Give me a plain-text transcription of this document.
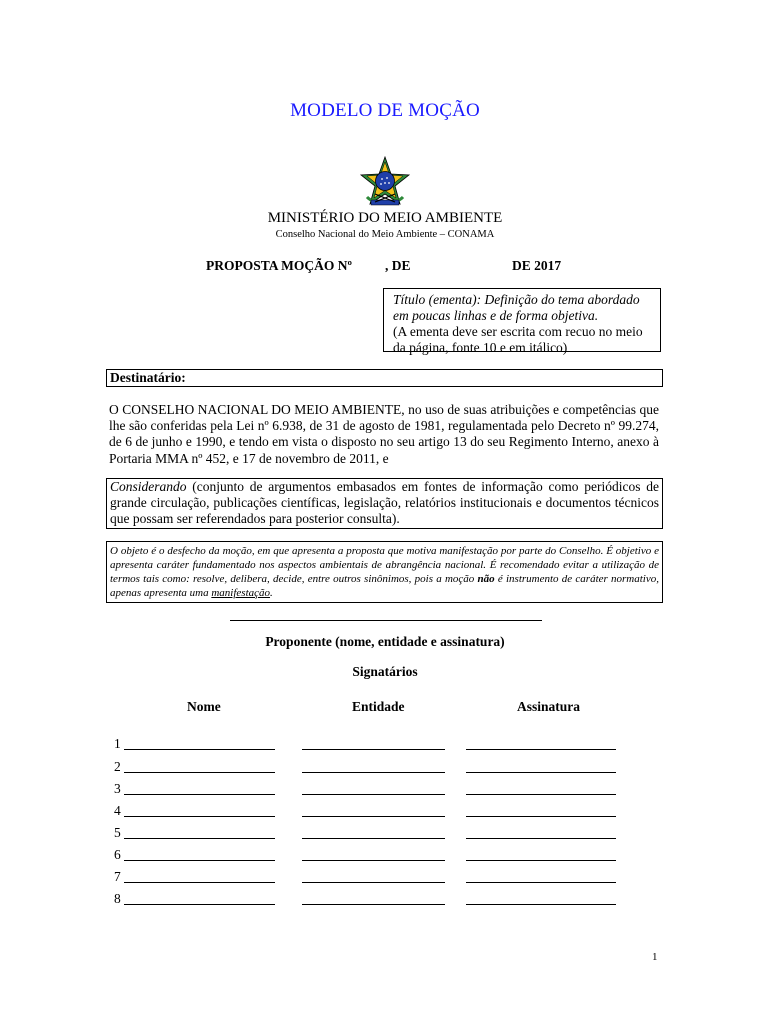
MODELO DE MOÇÃO
MINISTÉRIO DO MEIO AMBIENTE
Conselho Nacional do Meio Ambiente – CONAMA
PROPOSTA MOÇÃO Nº , DE	DE 2017
Título (ementa): Definição do tema abordado em poucas linhas e de forma objetiva.
(A ementa deve ser escrita com recuo no meio da página, fonte 10 e em itálico)
Destinatário:
O CONSELHO NACIONAL DO MEIO AMBIENTE, no uso de suas atribuições e competências que lhe são conferidas pela Lei nº 6.938, de 31 de agosto de 1981, regulamentada pelo Decreto nº 99.274, de 6 de junho e 1990, e tendo em vista o disposto no seu artigo 13 do seu Regimento Interno, anexo à Portaria MMA nº 452, e 17 de novembro de 2011, e
Considerando (conjunto de argumentos embasados em fontes de informação como periódicos de grande circulação, publicações científicas, legislação, relatórios institucionais e documentos técnicos que possam ser referendados para posterior consulta).
O objeto é o desfecho da moção, em que apresenta a proposta que motiva manifestação por parte do Conselho. É objetivo e apresenta caráter fundamentado nos aspectos ambientais de abrangência nacional. É recomendado evitar a utilização de termos tais como: resolve, delibera, decide, entre outros sinônimos, pois a moção não é instrumento de caráter normativo, apenas apresenta uma manifestação.
Proponente (nome, entidade e assinatura)
Signatários
Nome	Entidade	Assinatura
1
2
3
4
5
6
7
8
1
